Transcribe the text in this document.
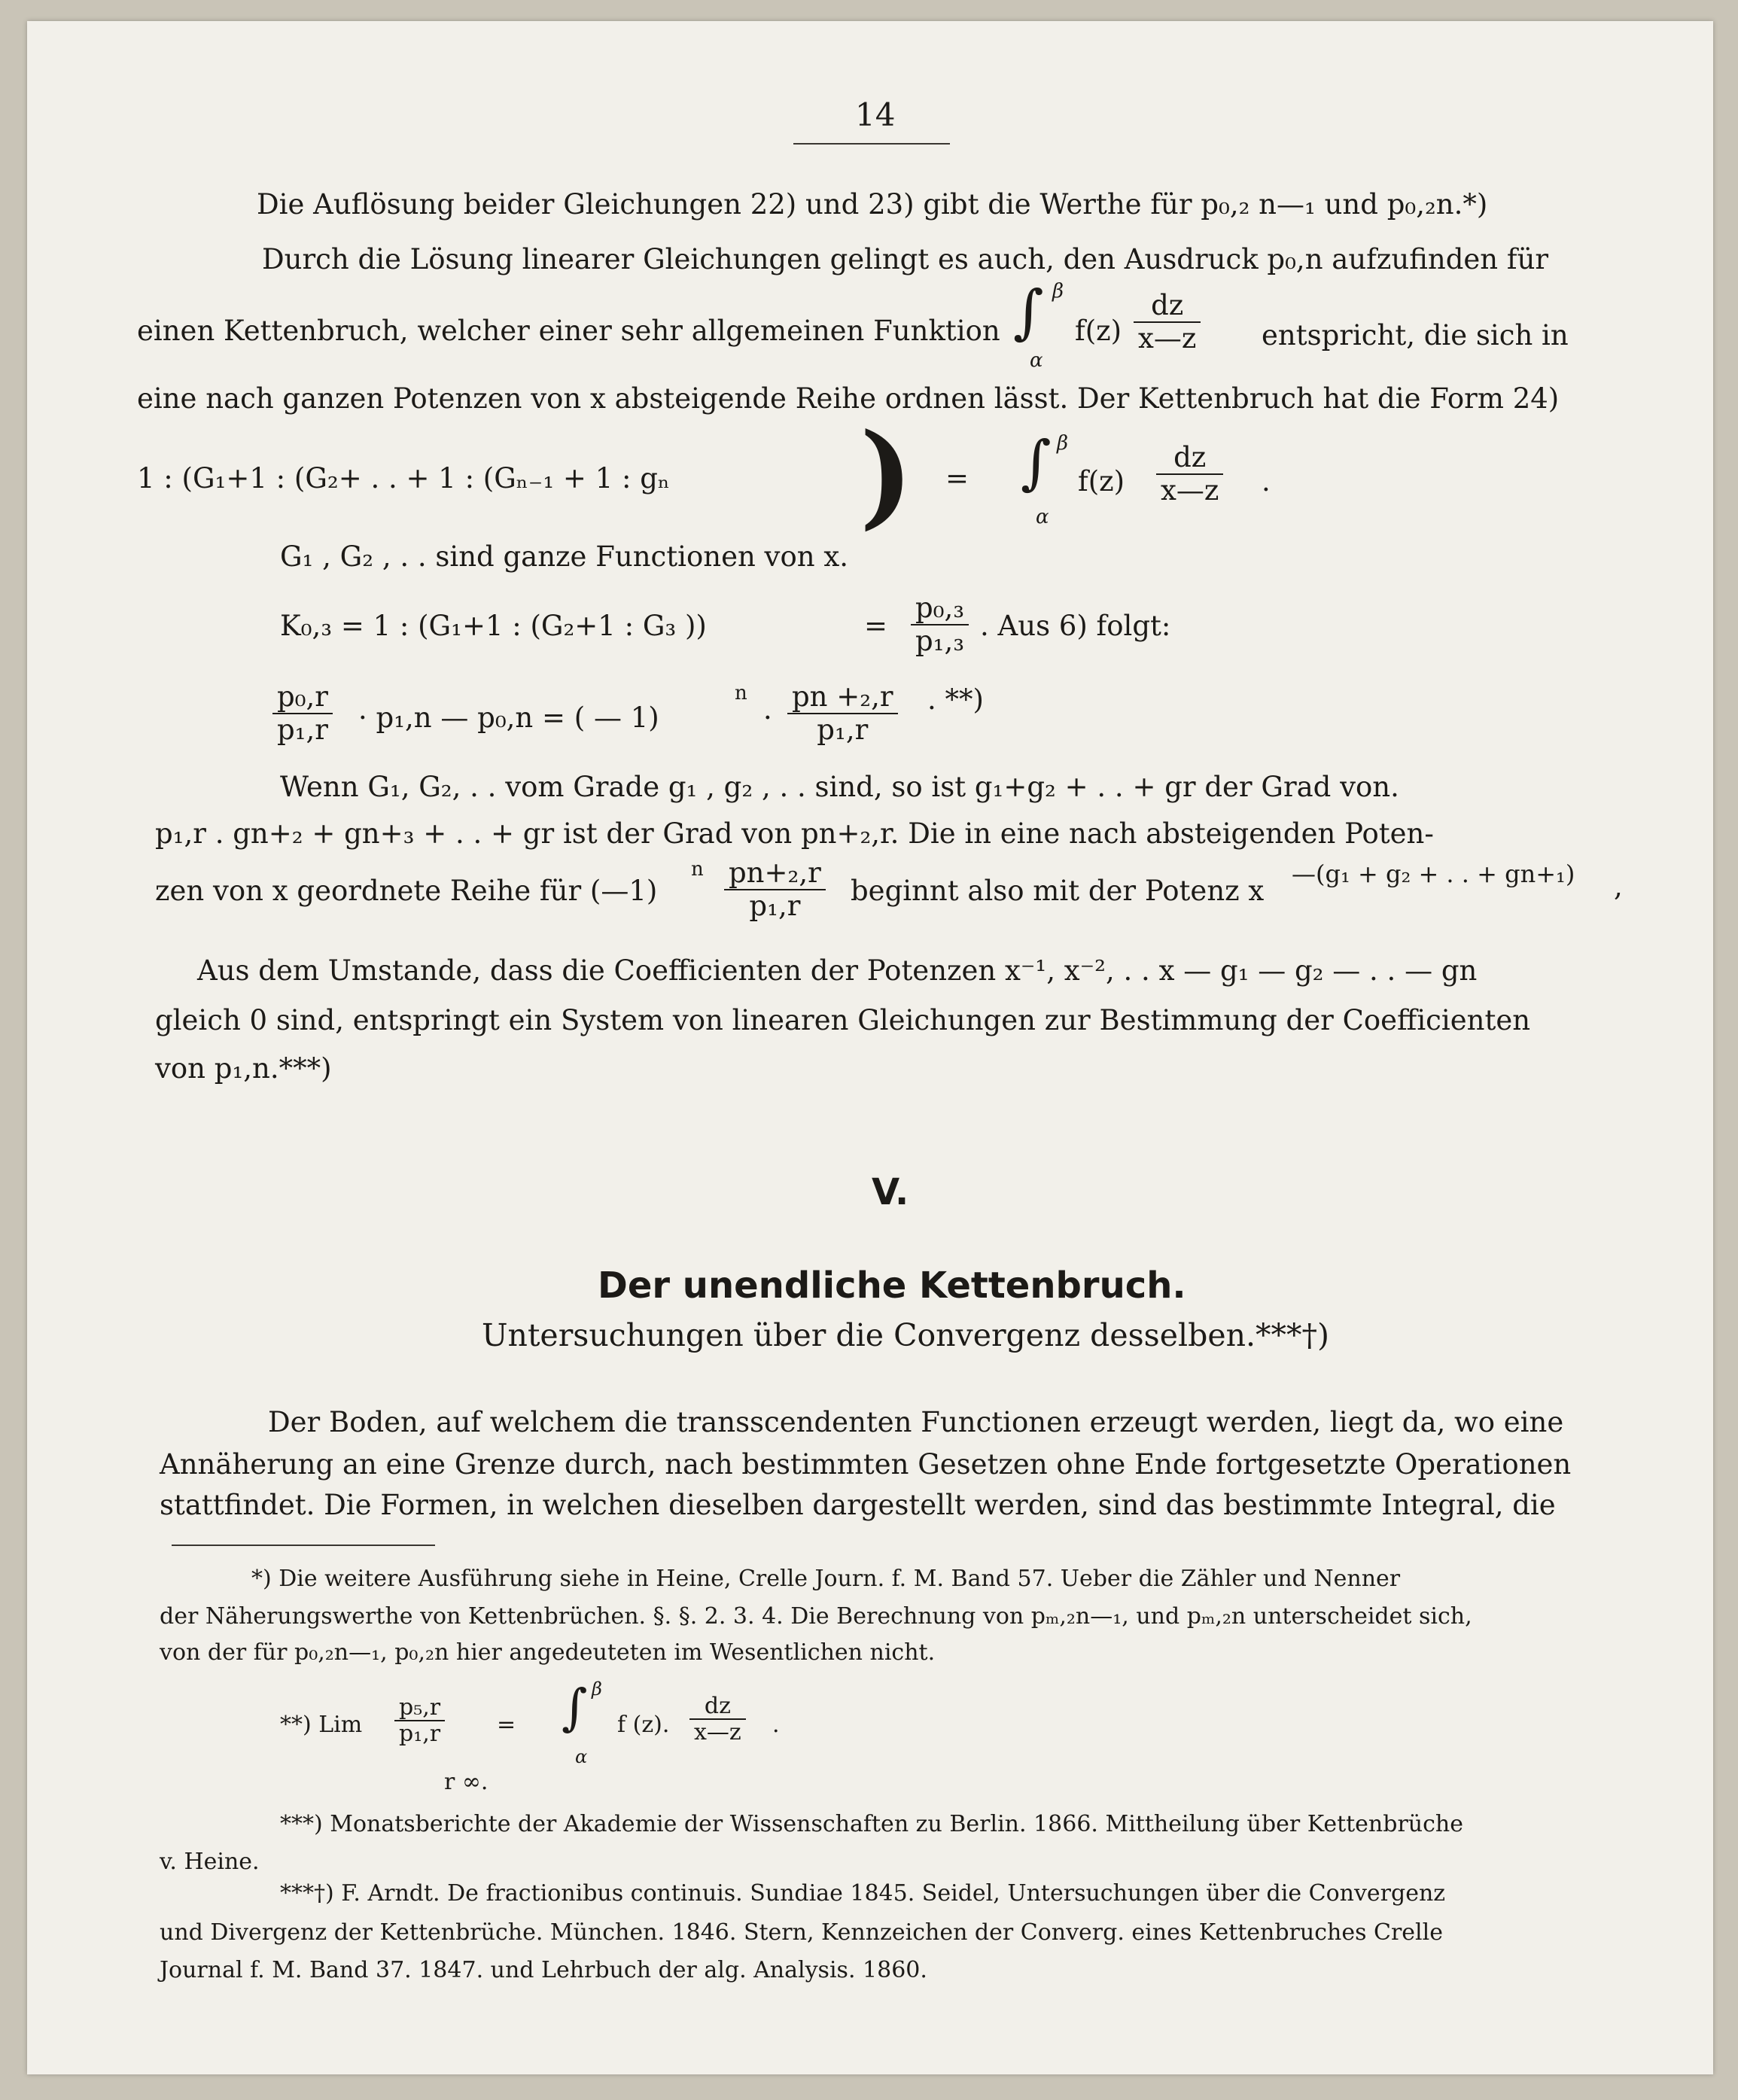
14
Die Auflösung beider Gleichungen 22) und 23) gibt die Werthe für p₀,₂ n—₁ und p₀,₂n.*)
Durch die Lösung linearer Gleichungen gelingt es auch, den Ausdruck p₀,n aufzufinden für
einen Kettenbruch, welcher einer sehr allgemeinen Funktion ∫ β
α
$f(z) \frac{dz}{x—z}$ entspricht, die sich in
eine nach ganzen Potenzen von x absteigende Reihe ordnen lässt. Der Kettenbruch hat die Form 24)
1 : (G₁+1 : (G₂+ . . + 1 : (Gₙ₋₁ + 1 : gₙ ) = ∫ β
α
$f(z) \frac{dz}{x—z}$ .
G₁ , G₂ , . . sind ganze Functionen von x.
K₀,₃ = 1 : (G₁+1 : (G₂+1 : G₃ ))	= $\frac{\text{p₀,₃}}{\text{p₁,₃}}$ . Aus 6) folgt:
$\frac{\text{p₀,r}}{\text{p₁,r}} \cdot p_1,n$ — p₀,n = ( — 1)
n
· $\frac{\text{pn +₂,r}}{\text{p₁,r}}$ . **)
Wenn G₁, G₂, . . vom Grade g₁ , g₂ , . . sind, so ist g₁+g₂ + . . + gr der Grad von.
p₁,r . gn+₂ + gn+₃ + . . + gr ist der Grad von pn+₂,r. Die in eine nach absteigenden Poten-
zen von x geordnete Reihe für (—1)
n $\frac{\text{pn+₂,r}}{\text{p₁,r}}$ beginnt also mit der Potenz x
—(g₁ + g₂ + . . + gn+₁) ,
Aus dem Umstande, dass die Coefficienten der Potenzen x⁻¹, x⁻², . . x — g₁ — g₂ — . . — gn
gleich 0 sind, entspringt ein System von linearen Gleichungen zur Bestimmung der Coefficienten
von p₁,n.***)
V.
Der unendliche Kettenbruch.
Untersuchungen über die Convergenz desselben.***†)
Der Boden, auf welchem die transscendenten Functionen erzeugt werden, liegt da, wo eine
Annäherung an eine Grenze durch, nach bestimmten Gesetzen ohne Ende fortgesetzte Operationen
stattfindet. Die Formen, in welchen dieselben dargestellt werden, sind das bestimmte Integral, die
*) Die weitere Ausführung siehe in Heine, Crelle Journ. f. M. Band 57. Ueber die Zähler und Nenner
der Näherungswerthe von Kettenbrüchen. §. §. 2. 3. 4. Die Berechnung von pₘ,₂n—₁, und pₘ,₂n unterscheidet sich,
von der für p₀,₂n—₁, p₀,₂n hier angedeuteten im Wesentlichen nicht.
**) Lim $\frac{\text{p₅,r}}{\text{p₁,r}}$ = ∫ β
α
f (z). $\frac{dz}{x—z}$ .
r ∞.
***) Monatsberichte der Akademie der Wissenschaften zu Berlin. 1866. Mittheilung über Kettenbrüche
v. Heine.
***†) F. Arndt. De fractionibus continuis. Sundiae 1845. Seidel, Untersuchungen über die Convergenz
und Divergenz der Kettenbrüche. München. 1846. Stern, Kennzeichen der Converg. eines Kettenbruches Crelle
Journal f. M. Band 37. 1847. und Lehrbuch der alg. Analysis. 1860.
